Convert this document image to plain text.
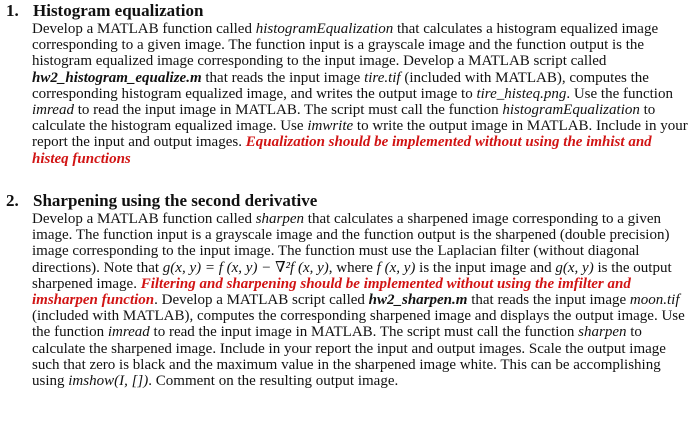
1. Histogram equalization

Develop a MATLAB function called histogramEqualization that calculates a histogram equalized image corresponding to a given image. The function input is a grayscale image and the function output is the histogram equalized image corresponding to the input image. Develop a MATLAB script called hw2_histogram_equalize.m that reads the input image tire.tif (included with MATLAB), computes the corresponding histogram equalized image, and writes the output image to tire_histeq.png. Use the function imread to read the input image in MATLAB. The script must call the function histogramEqualization to calculate the histogram equalized image. Use imwrite to write the output image in MATLAB. Include in your report the input and output images. Equalization should be implemented without using the imhist and histeq functions

2. Sharpening using the second derivative

Develop a MATLAB function called sharpen that calculates a sharpened image corresponding to a given image. The function input is a grayscale image and the function output is the sharpened (double precision) image corresponding to the input image. The function must use the Laplacian filter (without diagonal directions). Note that g(x, y) = f (x, y) − ∇²f (x, y), where f (x, y) is the input image and g(x, y) is the output sharpened image. Filtering and sharpening should be implemented without using the imfilter and imsharpen function. Develop a MATLAB script called hw2_sharpen.m that reads the input image moon.tif (included with MATLAB), computes the corresponding sharpened image and displays the output image. Use the function imread to read the input image in MATLAB. The script must call the function sharpen to calculate the sharpened image. Include in your report the input and output images. Scale the output image such that zero is black and the maximum value in the sharpened image white. This can be accomplishing using imshow(I, []). Comment on the resulting output image.
